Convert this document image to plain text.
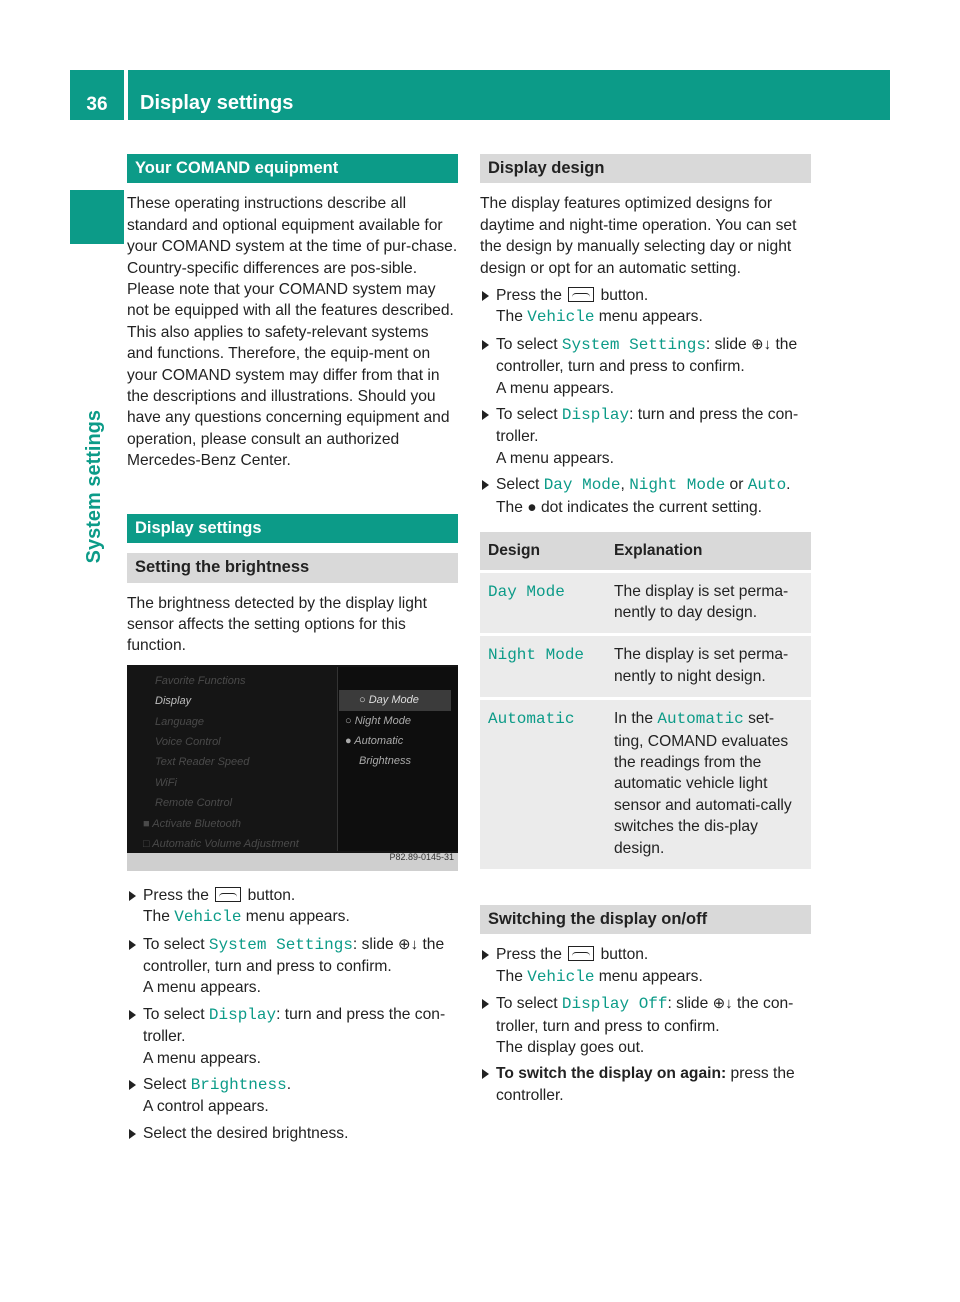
36	Display settings
System settings
Your COMAND equipment

These operating instructions describe all standard and optional equipment available for your COMAND system at the time of pur-chase. Country-specific differences are pos-sible. Please note that your COMAND system may not be equipped with all the features described. This also applies to safety-relevant systems and functions. Therefore, the equip-ment on your COMAND system may differ from that in the descriptions and illustrations. Should you have any questions concerning equipment and operation, please consult an authorized Mercedes-Benz Center.

Display settings
Setting the brightness

The brightness detected by the display light sensor affects the setting options for this function.

Favorite Functions
Display
Language
Voice Control
Text Reader Speed
WiFi
Remote Control
■ Activate Bluetooth
□ Automatic Volume Adjustment
○ Day Mode
○ Night Mode
● Automatic
Brightness
P82.89-0145-31
Press the button.
The Vehicle menu appears.
To select System Settings: slide ⊕↓ the controller, turn and press to confirm.
A menu appears.
To select Display: turn and press the con-troller.
A menu appears.
Select Brightness.
A control appears.
Select the desired brightness.
Display design

The display features optimized designs for daytime and night-time operation. You can set the design by manually selecting day or night design or opt for an automatic setting.

Press the button.
The Vehicle menu appears.
To select System Settings: slide ⊕↓ the controller, turn and press to confirm.
A menu appears.
To select Display: turn and press the con-troller.
A menu appears.
Select Day Mode, Night Mode or Auto.
The ● dot indicates the current setting.
Design	Explanation
Day Mode	The display is set perma-nently to day design.
Night Mode	The display is set perma-nently to night design.
Automatic	In the Automatic set-ting, COMAND evaluates the readings from the automatic vehicle light sensor and automati-cally switches the dis-play design.
Switching the display on/off
Press the button.
The Vehicle menu appears.
To select Display Off: slide ⊕↓ the con-troller, turn and press to confirm.
The display goes out.
To switch the display on again: press the controller.
